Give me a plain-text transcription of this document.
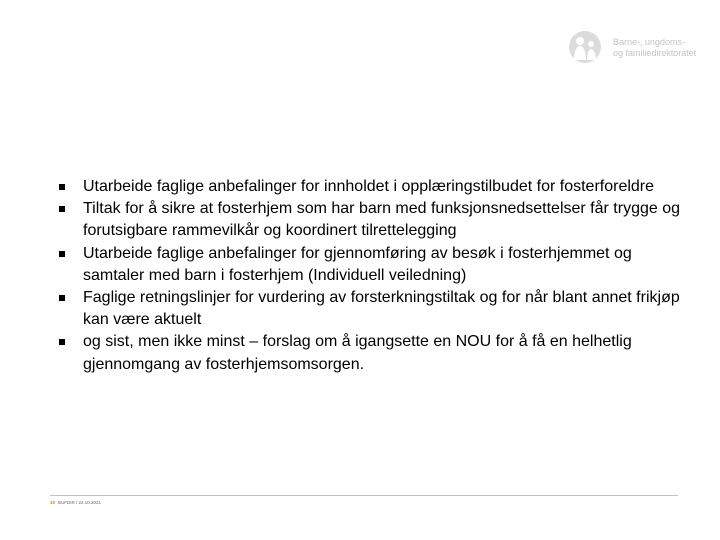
Barne-, ungdoms-
og familiedirektoratet
Utarbeide faglige anbefalinger for innholdet i opplæringstilbudet for fosterforeldre
Tiltak for å sikre at fosterhjem som har barn med funksjonsnedsettelser får trygge og forutsigbare rammevilkår og koordinert tilrettelegging
Utarbeide faglige anbefalinger for gjennomføring av besøk i fosterhjemmet og samtaler med barn i fosterhjem (Individuell veiledning)
Faglige retningslinjer for vurdering av forsterkningstiltak og for når blant annet frikjøp kan være aktuelt
og sist, men ikke minst – forslag om å igangsette en NOU for å få en helhetlig gjennomgang av fosterhjemsomsorgen.
10 BUFDIR / 22.10.2021
